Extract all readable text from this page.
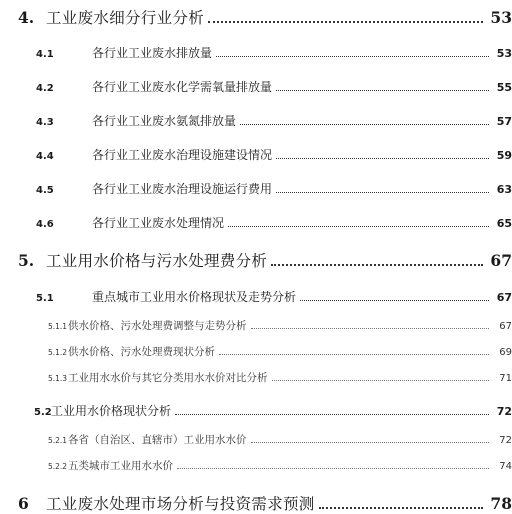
4. 工业废水细分行业分析	53
4.1	各行业工业废水排放量	53
4.2	各行业工业废水化学需氧量排放量	55
4.3	各行业工业废水氨氮排放量	57
4.4	各行业工业废水治理设施建设情况	59
4.5	各行业工业废水治理设施运行费用	63
4.6	各行业工业废水处理情况	65
5. 工业用水价格与污水处理费分析	67
5.1	重点城市工业用水价格现状及走势分析	67
5.1.1 供水价格、污水处理费调整与走势分析	67
5.1.2 供水价格、污水处理费现状分析	69
5.1.3 工业用水水价与其它分类用水水价对比分析	71
5.2 工业用水价格现状分析	72
5.2.1 各省（自治区、直辖市）工业用水水价	72
5.2.2 五类城市工业用水水价	74
6	工业废水处理市场分析与投资需求预测	78
